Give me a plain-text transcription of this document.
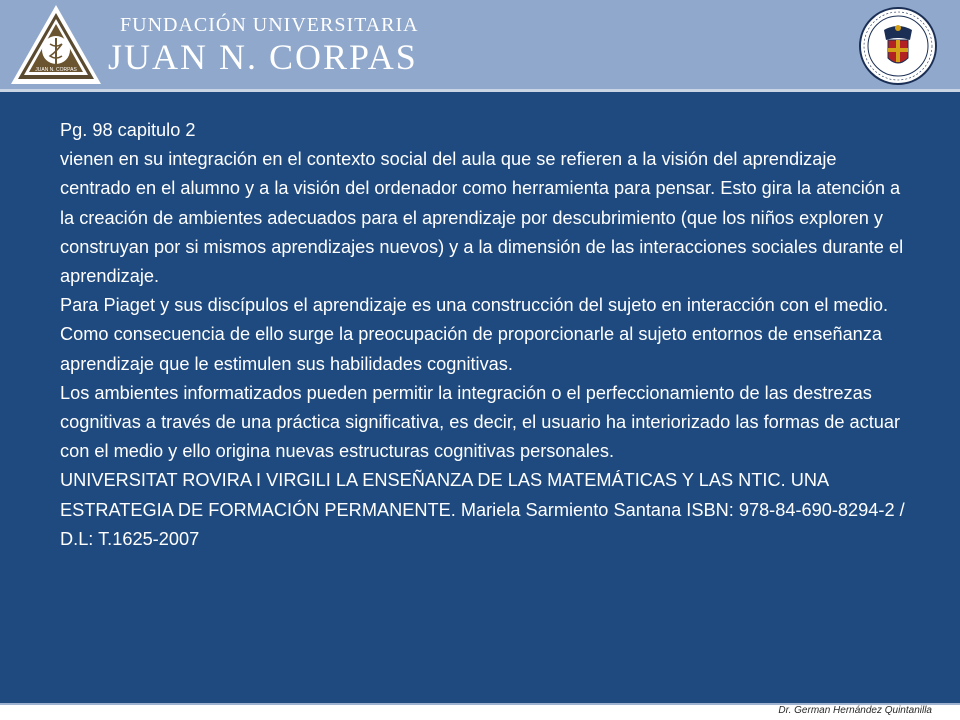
JUAN N. CORPAS
FUNDACIÓN UNIVERSITARIA
JUAN N. CORPAS

Pg. 98 capitulo 2

vienen en su integración en el contexto social del aula que se refieren a la visión del aprendizaje centrado en el alumno y a la visión del ordenador como herramienta para pensar. Esto gira la atención a la creación de ambientes adecuados para el aprendizaje por descubrimiento (que los niños exploren y construyan por si mismos aprendizajes nuevos) y a la dimensión de las interacciones sociales durante el aprendizaje.

Para Piaget y sus discípulos el aprendizaje es una construcción del sujeto en interacción con el medio. Como consecuencia de ello surge la preocupación de proporcionarle al sujeto entornos de enseñanza aprendizaje que le estimulen sus habilidades cognitivas.

Los ambientes informatizados pueden permitir la integración o el perfeccionamiento de las destrezas cognitivas a través de una práctica significativa, es decir, el usuario ha interiorizado las formas de actuar con el medio y ello origina nuevas estructuras cognitivas personales.

UNIVERSITAT ROVIRA I VIRGILI LA ENSEÑANZA DE LAS MATEMÁTICAS Y LAS NTIC. UNA ESTRATEGIA DE FORMACIÓN PERMANENTE. Mariela Sarmiento Santana ISBN: 978-84-690-8294-2 / D.L: T.1625-2007

Dr. German Hernández Quintanilla
